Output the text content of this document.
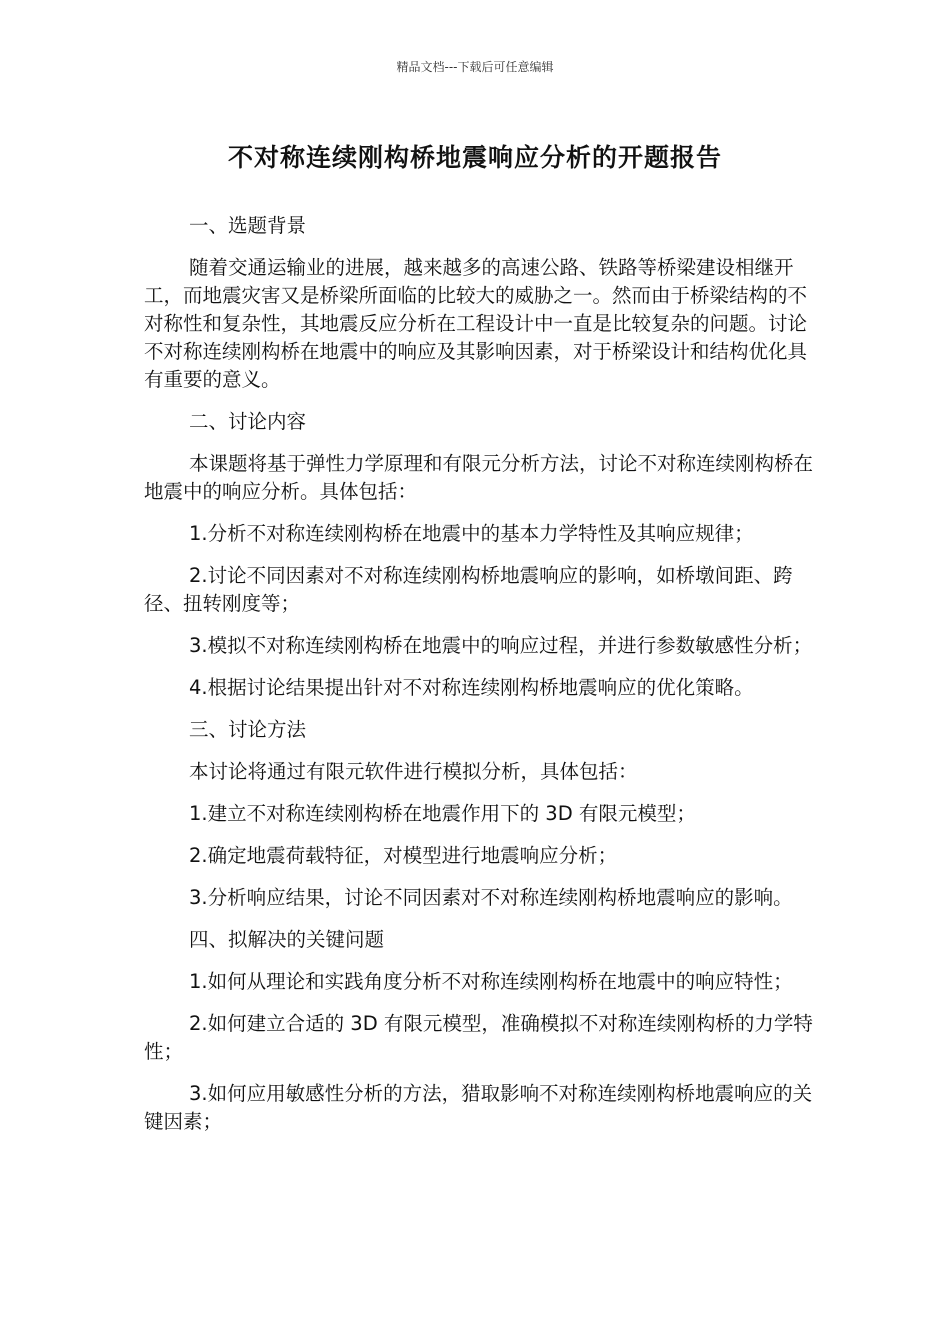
精品文档---下载后可任意编辑
不对称连续刚构桥地震响应分析的开题报告

一、选题背景

随着交通运输业的进展，越来越多的高速公路、铁路等桥梁建设相继开工，而地震灾害又是桥梁所面临的比较大的威胁之一。然而由于桥梁结构的不对称性和复杂性，其地震反应分析在工程设计中一直是比较复杂的问题。讨论不对称连续刚构桥在地震中的响应及其影响因素，对于桥梁设计和结构优化具有重要的意义。

二、讨论内容

本课题将基于弹性力学原理和有限元分析方法，讨论不对称连续刚构桥在地震中的响应分析。具体包括：

1.分析不对称连续刚构桥在地震中的基本力学特性及其响应规律；

2.讨论不同因素对不对称连续刚构桥地震响应的影响，如桥墩间距、跨径、扭转刚度等；

3.模拟不对称连续刚构桥在地震中的响应过程，并进行参数敏感性分析；

4.根据讨论结果提出针对不对称连续刚构桥地震响应的优化策略。

三、讨论方法

本讨论将通过有限元软件进行模拟分析，具体包括：

1.建立不对称连续刚构桥在地震作用下的 3D 有限元模型；

2.确定地震荷载特征，对模型进行地震响应分析；

3.分析响应结果，讨论不同因素对不对称连续刚构桥地震响应的影响。

四、拟解决的关键问题

1.如何从理论和实践角度分析不对称连续刚构桥在地震中的响应特性；

2.如何建立合适的 3D 有限元模型，准确模拟不对称连续刚构桥的力学特性；

3.如何应用敏感性分析的方法，猎取影响不对称连续刚构桥地震响应的关键因素；
